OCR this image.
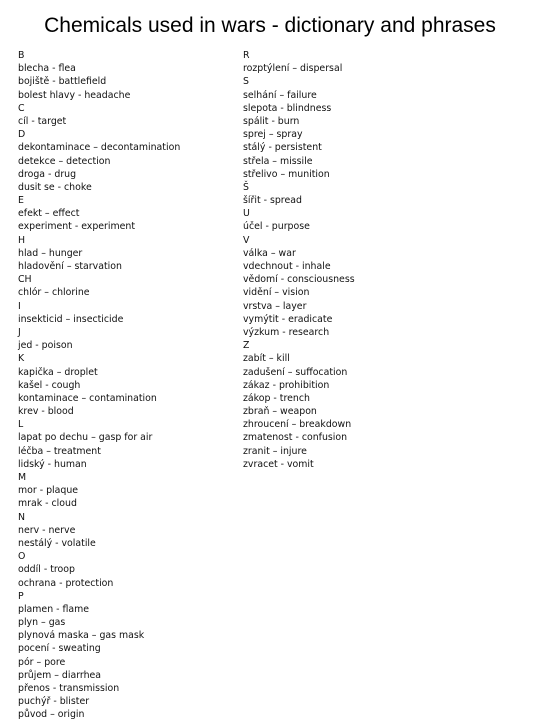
Chemicals used in wars - dictionary and phrases
B
blecha - flea
bojiště - battlefield
bolest hlavy - headache
C
cíl - target
D
dekontaminace – decontamination
detekce – detection
droga - drug
dusit se - choke
E
efekt – effect
experiment - experiment
H
hlad – hunger
hladovění – starvation
CH
chlór – chlorine
I
insekticid – insecticide
J
jed - poison
K
kapička – droplet
kašel - cough
kontaminace – contamination
krev - blood
L
lapat po dechu – gasp for air
léčba – treatment
lidský - human
M
mor - plaque
mrak - cloud
N
nerv - nerve
nestálý - volatile
O
oddíl - troop
ochrana - protection
P
plamen - flame
plyn – gas
plynová maska – gas mask
pocení - sweating
pór – pore
průjem – diarrhea
přenos - transmission
puchýř - blister
původ – origin
R
rozptýlení – dispersal
S
selhání – failure
slepota - blindness
spálit - burn
sprej – spray
stálý - persistent
střela – missile
střelivo – munition
Š
šířit - spread
U
účel - purpose
V
válka – war
vdechnout - inhale
vědomí - consciousness
vidění – vision
vrstva – layer
vymýtit - eradicate
výzkum - research
Z
zabít – kill
zadušení – suffocation
zákaz - prohibition
zákop - trench
zbraň – weapon
zhroucení – breakdown
zmatenost - confusion
zranit – injure
zvracet - vomit
